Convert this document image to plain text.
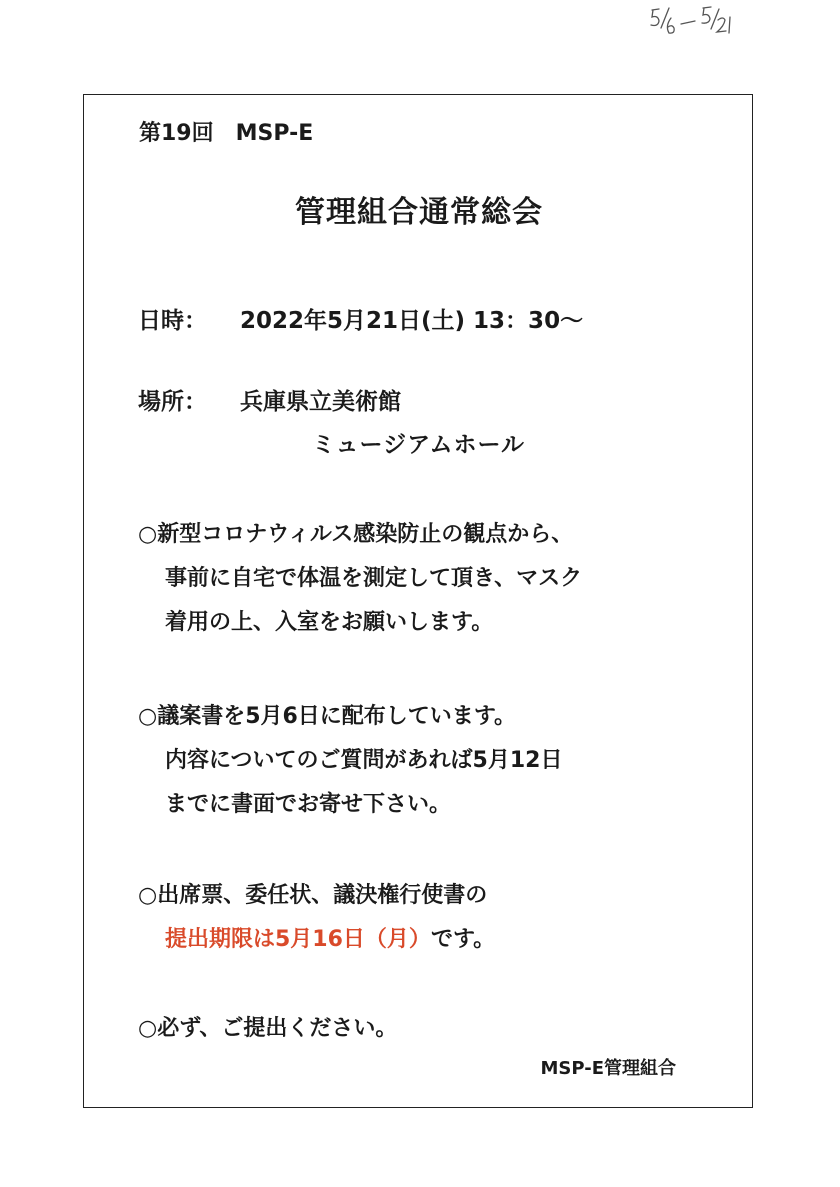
第19回　MSP-E
管理組合通常総会
日時： 2022年5月21日(土) 13：30〜
場所： 兵庫県立美術館
ミュージアムホール
○新型コロナウィルス感染防止の観点から、
事前に自宅で体温を測定して頂き、マスク
着用の上、入室をお願いします。
○議案書を5月6日に配布しています。
内容についてのご質問があれば5月12日
までに書面でお寄せ下さい。
○出席票、委任状、議決権行使書の
提出期限は5月16日（月）です。
○必ず、ご提出ください。
MSP-E管理組合
